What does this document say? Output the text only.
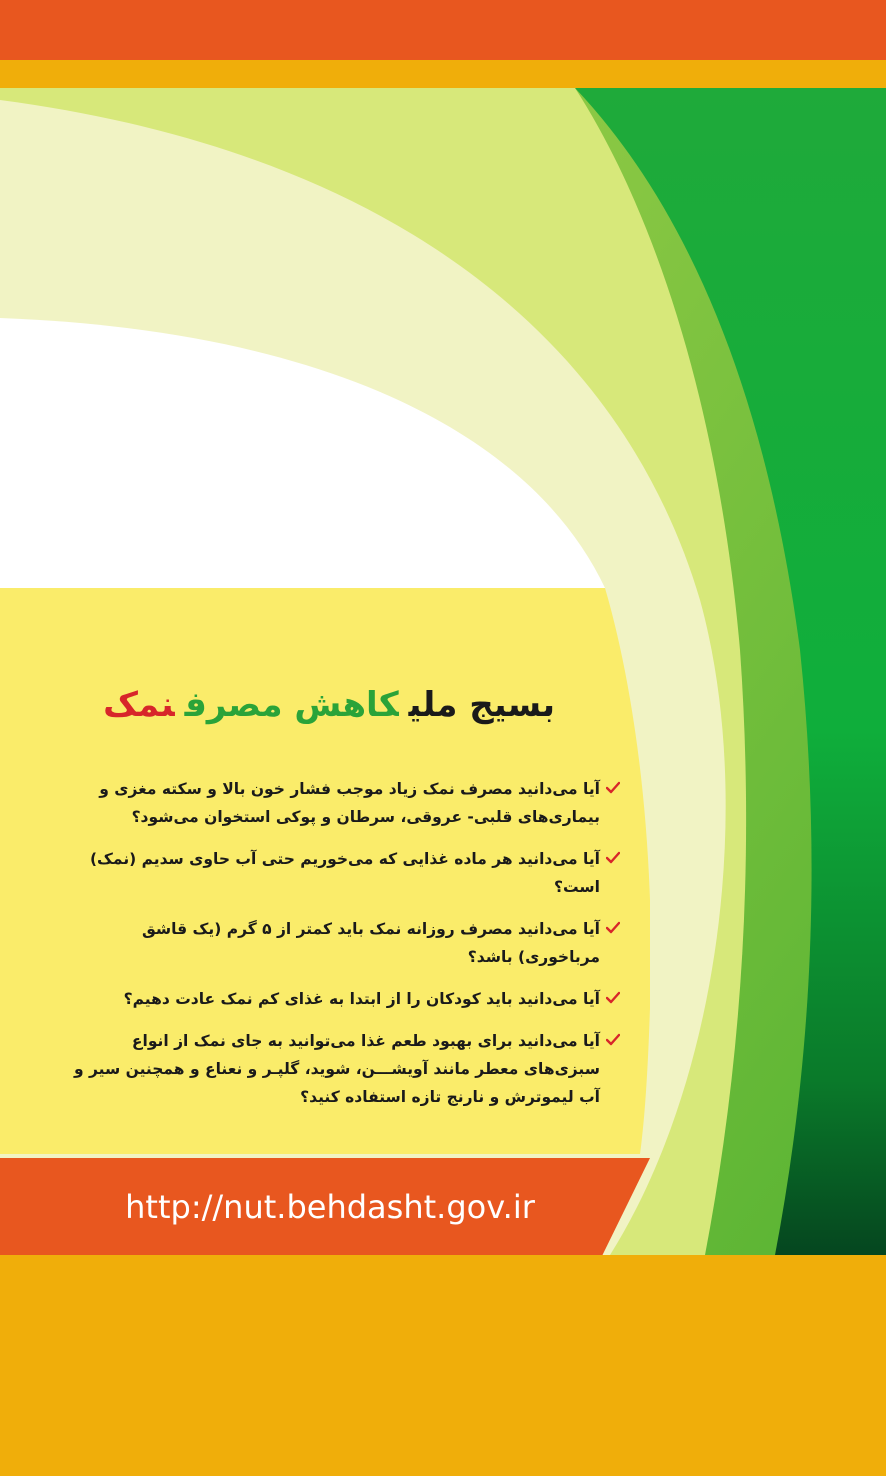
بسیج ملیکاهش مصرفنمک
آیا می‌دانید مصرف نمک زیاد موجب فشار خون بالا و سکته مغزی و بیماری‌های قلبی- عروقی، سرطان و پوکی استخوان می‌شود؟
آیا می‌دانید هر ماده غذایی که می‌خوریم حتی آب حاوی سدیم (نمک) است؟
آیا می‌دانید مصرف روزانه نمک باید کمتر از ۵ گرم (یک قاشق مرباخوری) باشد؟
آیا می‌دانید باید کودکان را از ابتدا به غذای کم نمک عادت دهیم؟
آیا می‌دانید برای بهبود طعم غذا می‌توانید به جای نمک از انواع سبزی‌های معطر مانند آویشـــن، شوید، گلپـر و نعناع و همچنین سیر و آب لیموترش و نارنج تازه استفاده کنید؟
http://nut.behdasht.gov.ir
